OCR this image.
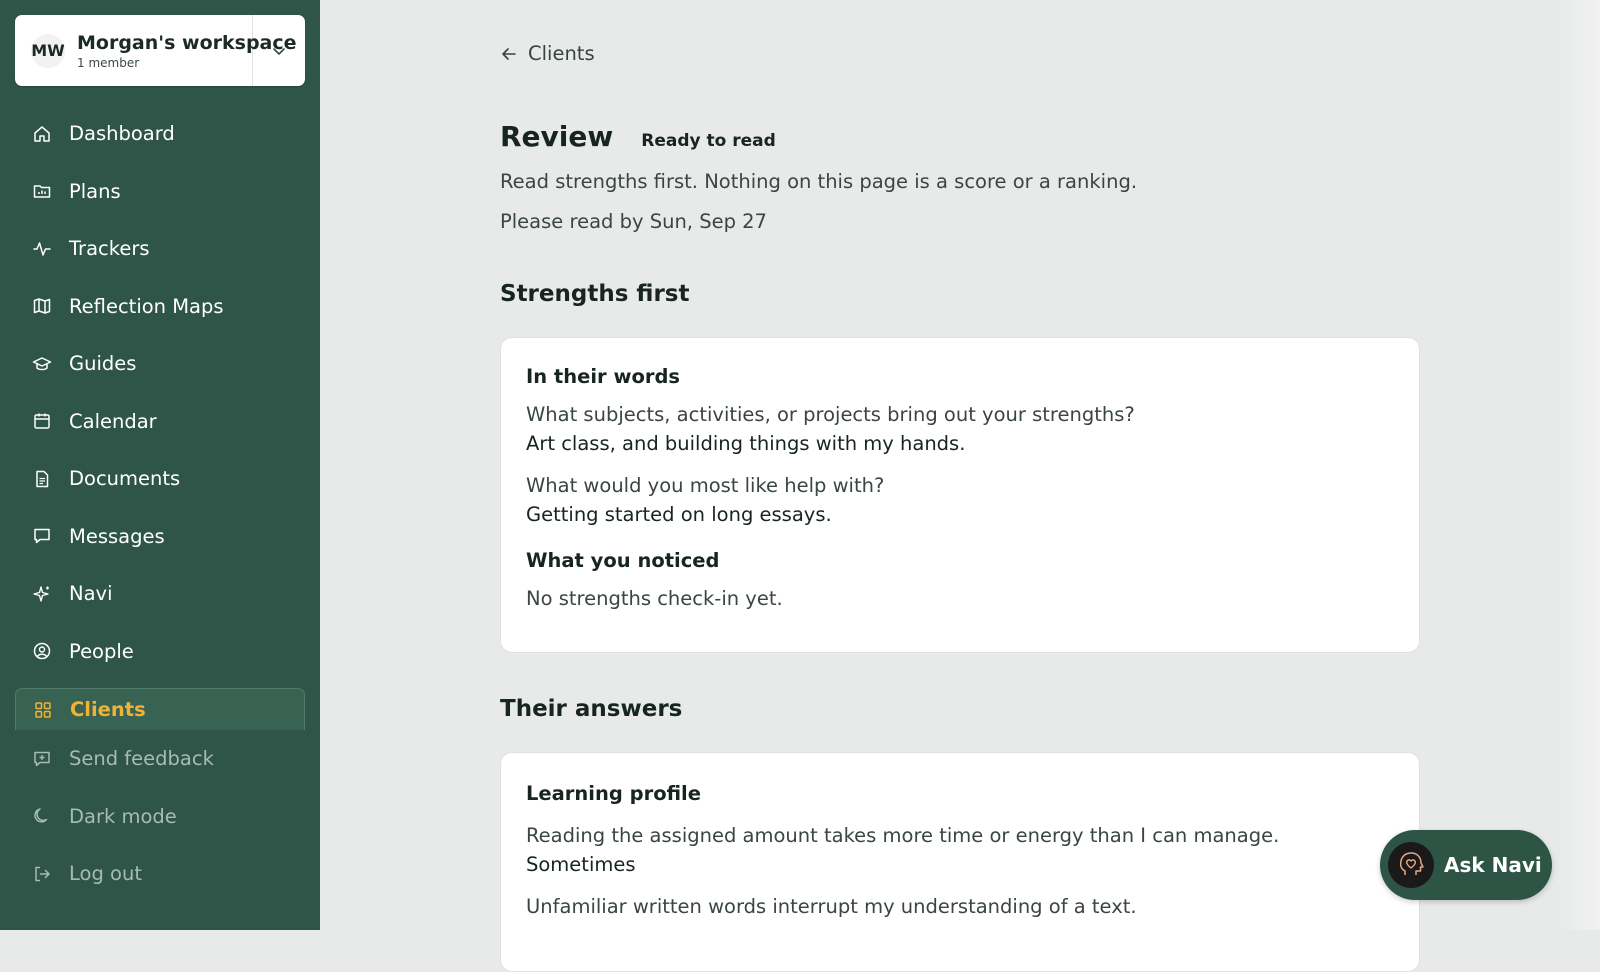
MW Morgan's workspace
1 member
Dashboard
Plans
Trackers
Reflection Maps
Guides
Calendar
Documents
Messages
Navi
People
Clients
Send feedback
Dark mode
Log out
Clients
Review Ready to read

Read strengths first. Nothing on this page is a score or a ranking.

Please read by Sun, Sep 27

Strengths first
In their words

What subjects, activities, or projects bring out your strengths?

Art class, and building things with my hands.

What would you most like help with?

Getting started on long essays.

What you noticed

No strengths check-in yet.

Their answers
Learning profile

Reading the assigned amount takes more time or energy than I can manage.

Sometimes

Unfamiliar written words interrupt my understanding of a text.

Ask Navi
